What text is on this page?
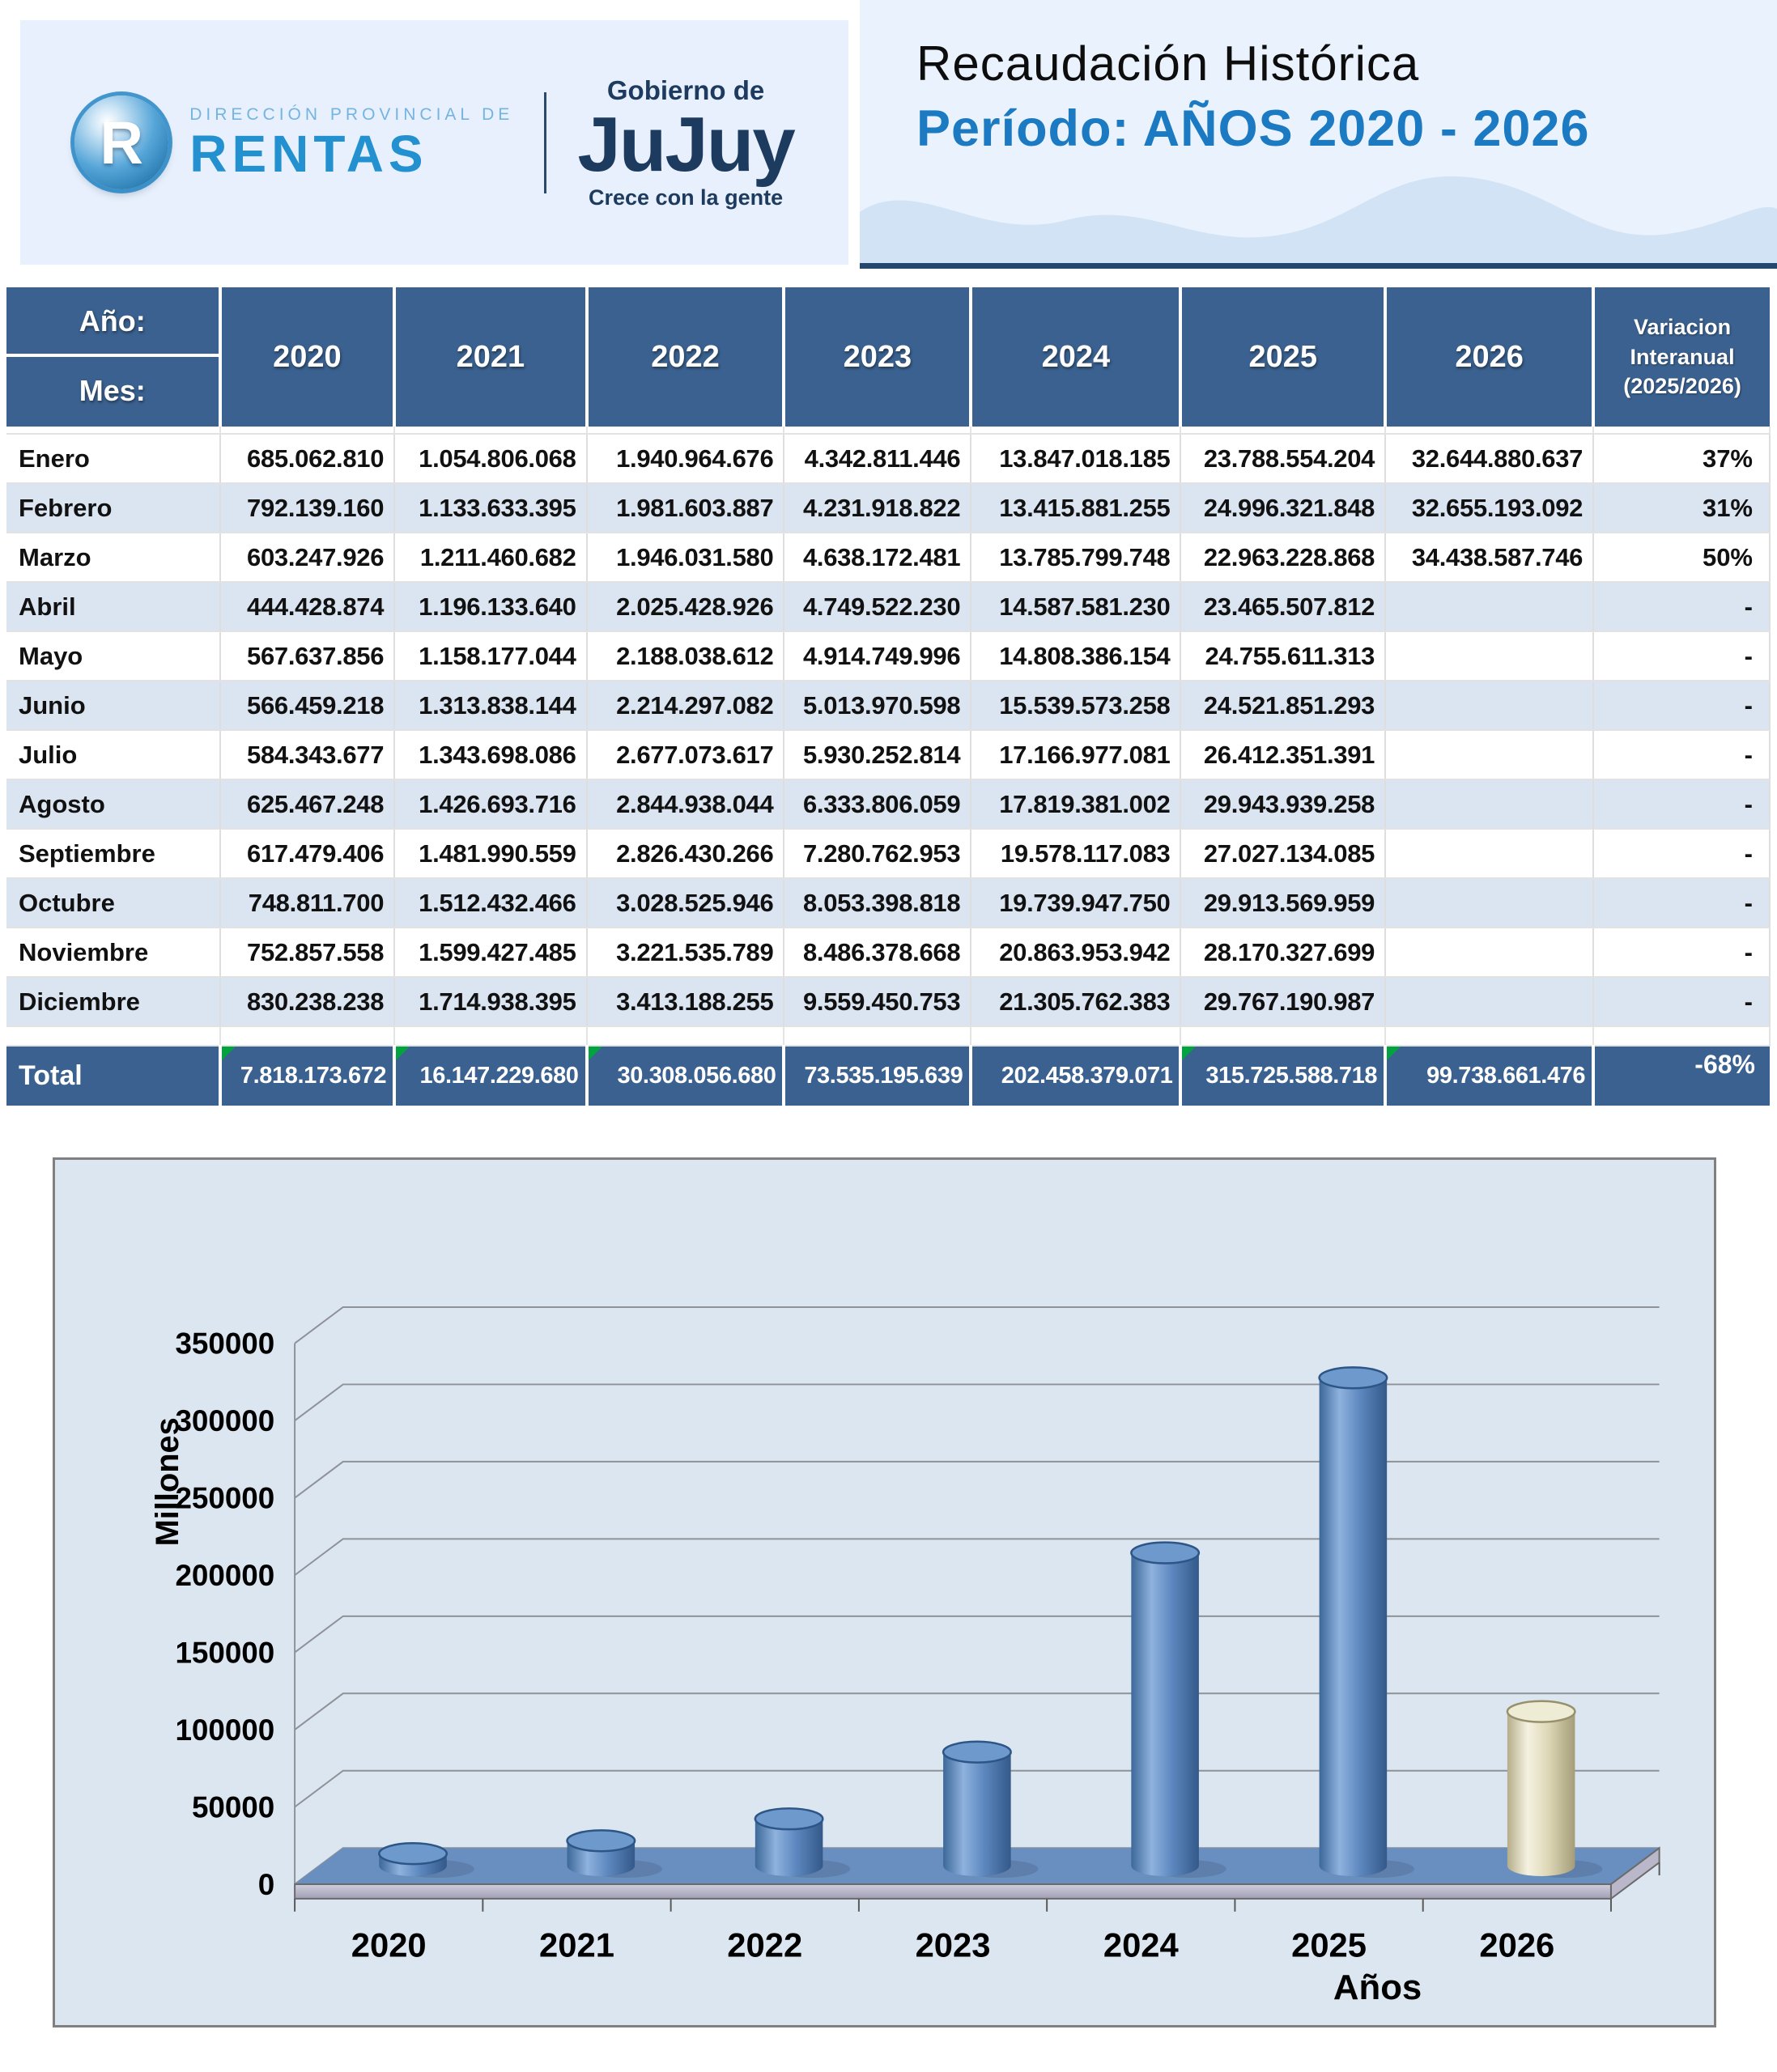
R	DIRECCIÓN PROVINCIAL DE
RENTAS
Gobierno de
JuJuy
Crece con la gente
Recaudación Histórica
Período: AÑOS 2020 - 2026
Año:
Mes:
	2020	2021	2022	2023	2024	2025	2026	
Variacion
Interanual
(2025/2026)

Enero	685.062.810	1.054.806.068	1.940.964.676	4.342.811.446	13.847.018.185	23.788.554.204	32.644.880.637	37%
Febrero	792.139.160	1.133.633.395	1.981.603.887	4.231.918.822	13.415.881.255	24.996.321.848	32.655.193.092	31%
Marzo	603.247.926	1.211.460.682	1.946.031.580	4.638.172.481	13.785.799.748	22.963.228.868	34.438.587.746	50%
Abril	444.428.874	1.196.133.640	2.025.428.926	4.749.522.230	14.587.581.230	23.465.507.812		-
Mayo	567.637.856	1.158.177.044	2.188.038.612	4.914.749.996	14.808.386.154	24.755.611.313		-
Junio	566.459.218	1.313.838.144	2.214.297.082	5.013.970.598	15.539.573.258	24.521.851.293		-
Julio	584.343.677	1.343.698.086	2.677.073.617	5.930.252.814	17.166.977.081	26.412.351.391		-
Agosto	625.467.248	1.426.693.716	2.844.938.044	6.333.806.059	17.819.381.002	29.943.939.258		-
Septiembre	617.479.406	1.481.990.559	2.826.430.266	7.280.762.953	19.578.117.083	27.027.134.085		-
Octubre	748.811.700	1.512.432.466	3.028.525.946	8.053.398.818	19.739.947.750	29.913.569.959		-
Noviembre	752.857.558	1.599.427.485	3.221.535.789	8.486.378.668	20.863.953.942	28.170.327.699		-
Diciembre	830.238.238	1.714.938.395	3.413.188.255	9.559.450.753	21.305.762.383	29.767.190.987		-

Total	7.818.173.672	16.147.229.680	30.308.056.680	73.535.195.639	202.458.379.071	315.725.588.718	99.738.661.476	-68%
0
50000
100000
150000
200000
250000
300000
350000
Millones
2020	2021	2022	2023	2024	2025	2026
Años
